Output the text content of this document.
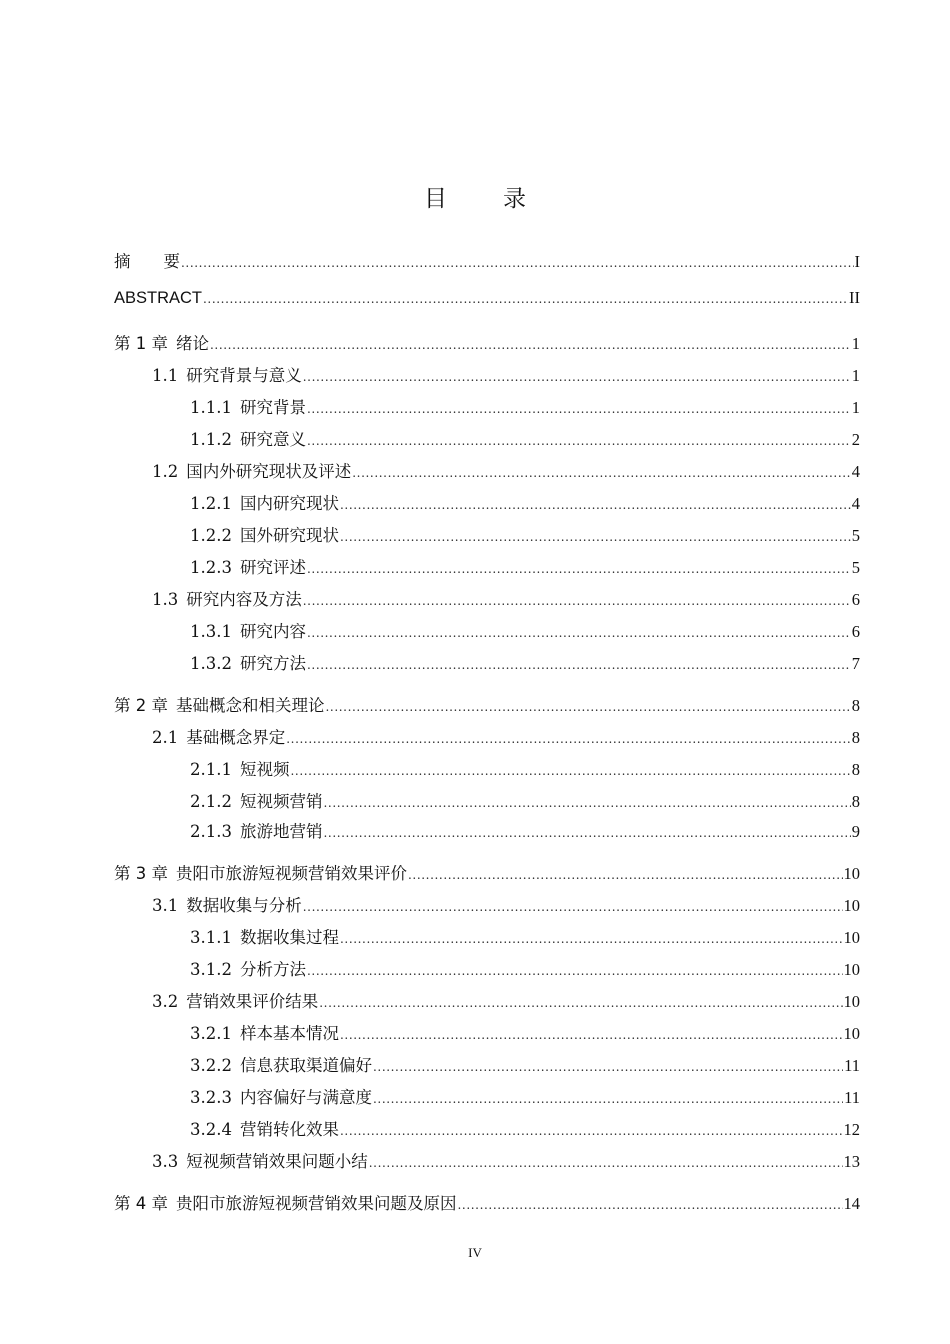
目 录
摘　　要 .....	I
ABSTRACT .....	II
第 1 章 绪论 .....	1
1.1 研究背景与意义 .....	1
1.1.1 研究背景 .....	1
1.1.2 研究意义 .....	2
1.2 国内外研究现状及评述 .....	4
1.2.1 国内研究现状 .....	4
1.2.2 国外研究现状 .....	5
1.2.3 研究评述 .....	5
1.3 研究内容及方法 .....	6
1.3.1 研究内容 .....	6
1.3.2 研究方法 .....	7
第 2 章 基础概念和相关理论 .....	8
2.1 基础概念界定 .....	8
2.1.1 短视频 .....	8
2.1.2 短视频营销 .....	8
2.1.3 旅游地营销 .....	9
第 3 章 贵阳市旅游短视频营销效果评价 .....	10
3.1 数据收集与分析 .....	10
3.1.1 数据收集过程 .....	10
3.1.2 分析方法 .....	10
3.2 营销效果评价结果 .....	10
3.2.1 样本基本情况 .....	10
3.2.2 信息获取渠道偏好 .....	11
3.2.3 内容偏好与满意度 .....	11
3.2.4 营销转化效果 .....	12
3.3 短视频营销效果问题小结 .....	13
第 4 章 贵阳市旅游短视频营销效果问题及原因 .....	14
IV
